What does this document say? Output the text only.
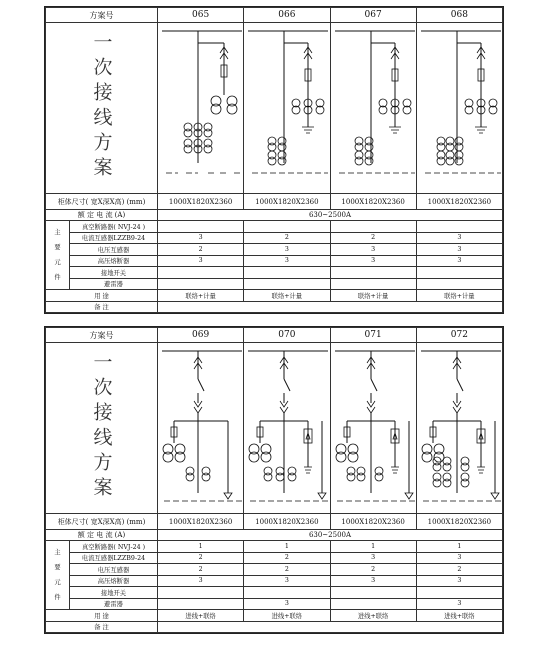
方案号		065	066	067	068
一次接线方案	

柜体尺寸( 宽X深X高) (mm)		1000X1820X2360	1000X1820X2360	1000X1820X2360	1000X1820X2360
额 定 电 流 (A)		630~2500A			
主
要
元
件	真空断路器( NVJ-24 )				
	电流互感器LZZB9-24	3	2	2	3
	电压互感器	2	3	3	3
	高压熔断器	3	3	3	3
	接地开关				
	避雷器				
用 途		联络+计量	联络+计量	联络+计量	联络+计量
备 注					
方案号		069	070	071	072
一次接线方案	

柜体尺寸( 宽X深X高) (mm)		1000X1820X2360	1000X1820X2360	1000X1820X2360	1000X1820X2360
额 定 电 流 (A)		630~2500A			
主
要
元
件	真空断路器( NVJ-24 )	1	1	1	1
	电流互感器LZZB9-24	2	2	3	3
	电压互感器	2	2	2	2
	高压熔断器	3	3	3	3
	接地开关				
	避雷器		3		3
用 途		进线+联络	进线+联络	进线+联络	进线+联络
备 注					
